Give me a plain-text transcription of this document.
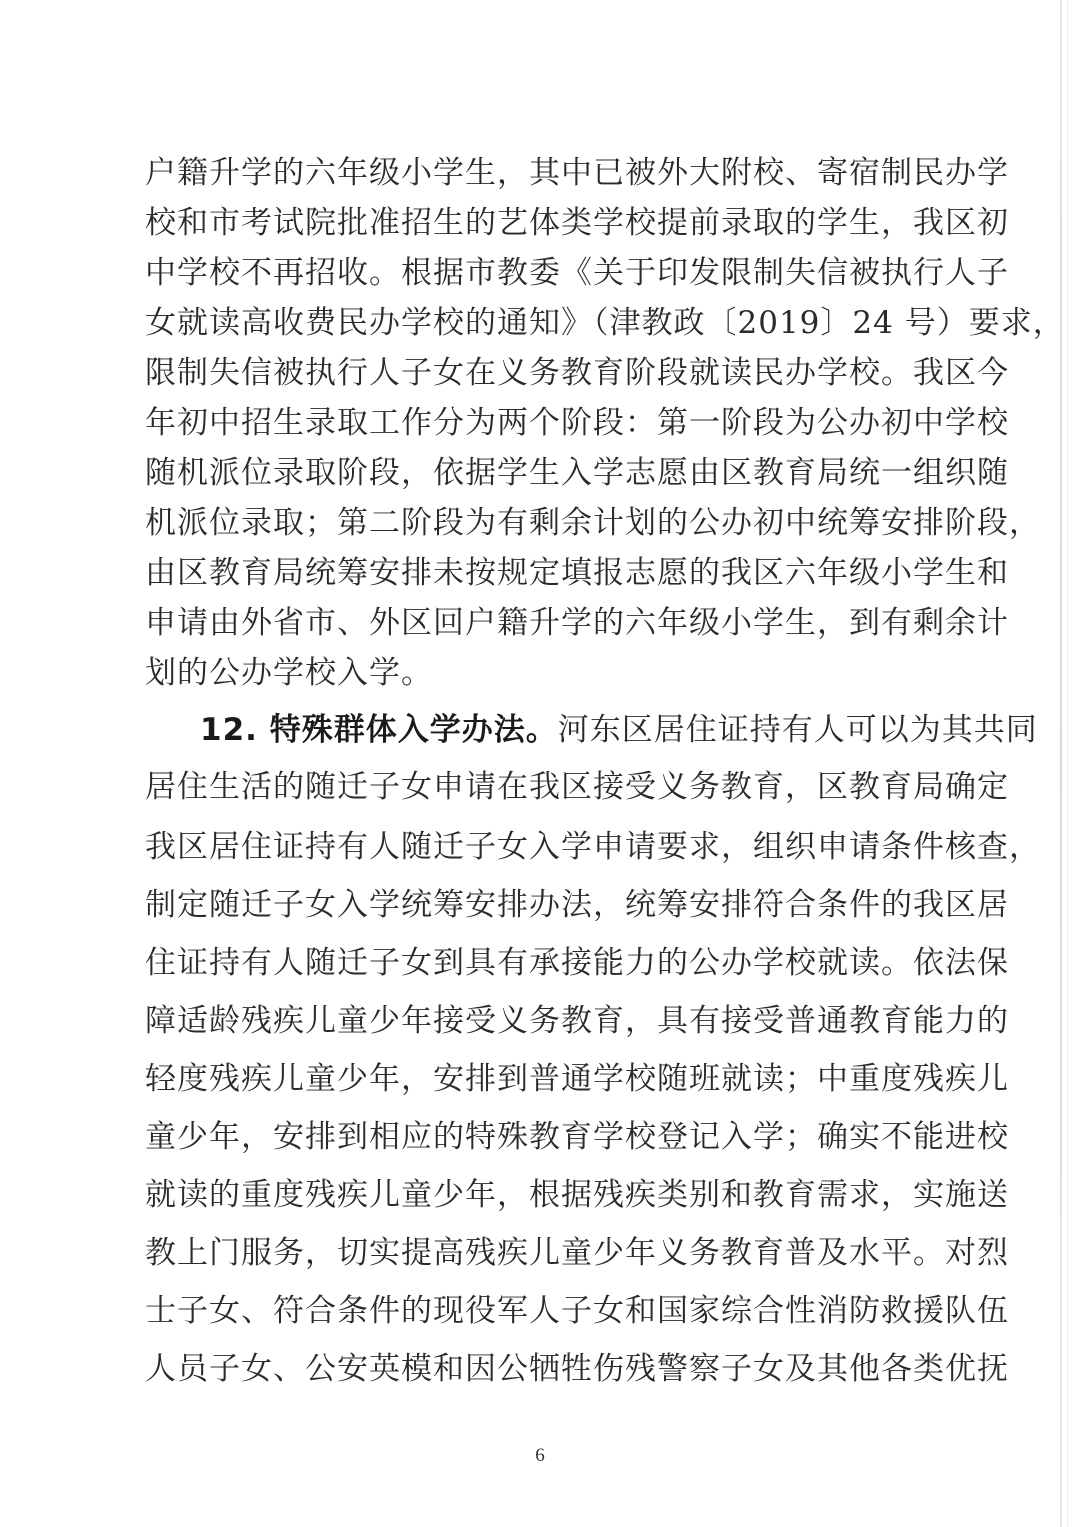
户籍升学的六年级小学生，其中已被外大附校、寄宿制民办学
校和市考试院批准招生的艺体类学校提前录取的学生，我区初
中学校不再招收。根据市教委《关于印发限制失信被执行人子
女就读高收费民办学校的通知》（津教政〔2019〕24 号）要求，
限制失信被执行人子女在义务教育阶段就读民办学校。我区今
年初中招生录取工作分为两个阶段：第一阶段为公办初中学校
随机派位录取阶段，依据学生入学志愿由区教育局统一组织随
机派位录取；第二阶段为有剩余计划的公办初中统筹安排阶段，
由区教育局统筹安排未按规定填报志愿的我区六年级小学生和
申请由外省市、外区回户籍升学的六年级小学生，到有剩余计
划的公办学校入学。
12. 特殊群体入学办法。河东区居住证持有人可以为其共同
居住生活的随迁子女申请在我区接受义务教育，区教育局确定
我区居住证持有人随迁子女入学申请要求，组织申请条件核查，
制定随迁子女入学统筹安排办法，统筹安排符合条件的我区居
住证持有人随迁子女到具有承接能力的公办学校就读。依法保
障适龄残疾儿童少年接受义务教育，具有接受普通教育能力的
轻度残疾儿童少年，安排到普通学校随班就读；中重度残疾儿
童少年，安排到相应的特殊教育学校登记入学；确实不能进校
就读的重度残疾儿童少年，根据残疾类别和教育需求，实施送
教上门服务，切实提高残疾儿童少年义务教育普及水平。对烈
士子女、符合条件的现役军人子女和国家综合性消防救援队伍
人员子女、公安英模和因公牺牲伤残警察子女及其他各类优抚
6
